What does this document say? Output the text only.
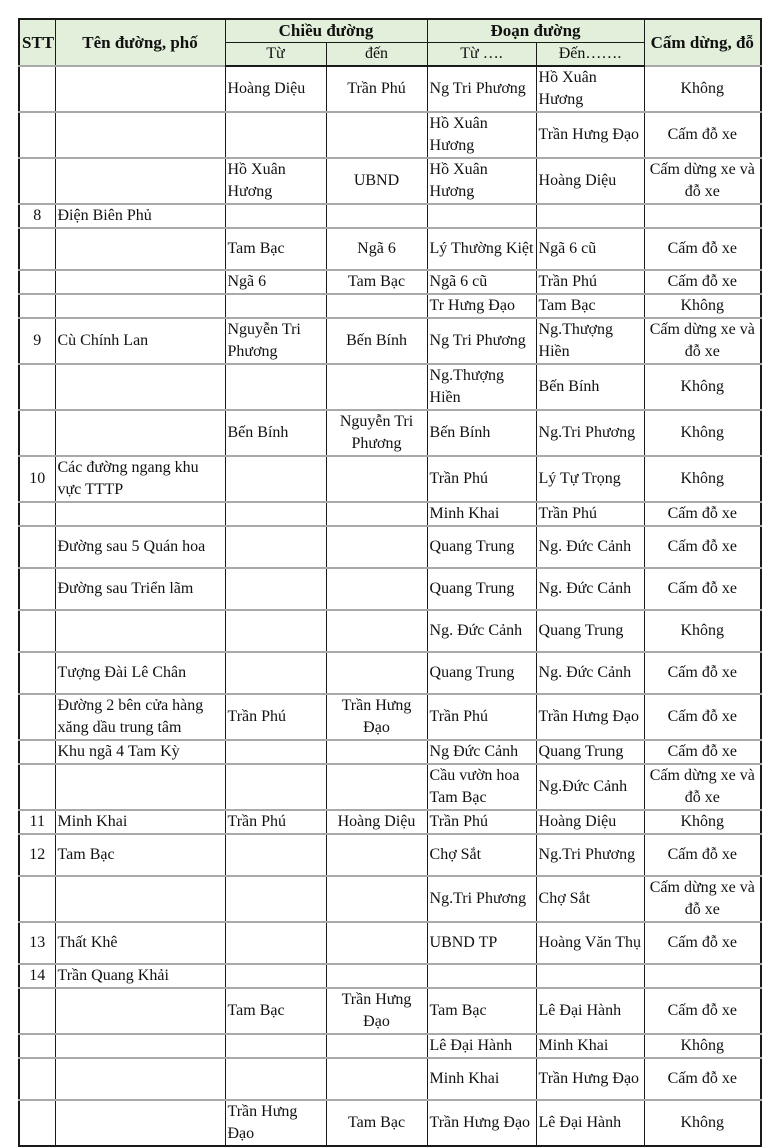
STT	Tên đường, phố	Chiều đường		Đoạn đường		Cấm dừng, đỗ
		Từ	đến	Từ ….	Đến…….	
		Hoàng Diệu	Trần Phú	Ng Tri Phương	Hồ Xuân Hương	Không
				Hồ Xuân Hương	Trần Hưng Đạo	Cấm đỗ xe
		Hồ Xuân Hương	UBND	Hồ Xuân Hương	Hoàng Diệu	Cấm dừng xe và đỗ xe
8	Điện Biên Phủ					
		Tam Bạc	Ngã 6	Lý Thường Kiệt	Ngã 6 cũ	Cấm đỗ xe
		Ngã 6	Tam Bạc	Ngã 6 cũ	Trần Phú	Cấm đỗ xe
				Tr Hưng Đạo	Tam Bạc	Không
9	Cù Chính Lan	Nguyễn Tri Phương	Bến Bính	Ng Tri Phương	Ng.Thượng Hiền	Cấm dừng xe và đỗ xe
				Ng.Thượng Hiền	Bến Bính	Không
		Bến Bính	Nguyễn Tri Phương	Bến Bính	Ng.Tri Phương	Không
10	Các đường ngang khu vực TTTP			Trần Phú	Lý Tự Trọng	Không
				Minh Khai	Trần Phú	Cấm đỗ xe
	Đường sau 5 Quán hoa			Quang Trung	Ng. Đức Cảnh	Cấm đỗ xe
	Đường sau Triển lãm			Quang Trung	Ng. Đức Cảnh	Cấm đỗ xe
				Ng. Đức Cảnh	Quang Trung	Không
	Tượng Đài Lê Chân			Quang Trung	Ng. Đức Cảnh	Cấm đỗ xe
	Đường 2 bên cửa hàng xăng dầu trung tâm	Trần Phú	Trần Hưng Đạo	Trần Phú	Trần Hưng Đạo	Cấm đỗ xe
	Khu ngã 4 Tam Kỳ			Ng Đức Cảnh	Quang Trung	Cấm đỗ xe
				Cầu vườn hoa Tam Bạc	Ng.Đức Cảnh	Cấm dừng xe và đỗ xe
11	Minh Khai	Trần Phú	Hoàng Diệu	Trần Phú	Hoàng Diệu	Không
12	Tam Bạc			Chợ Sắt	Ng.Tri Phương	Cấm đỗ xe
				Ng.Tri Phương	Chợ Sắt	Cấm dừng xe và đỗ xe
13	Thất Khê			UBND TP	Hoàng Văn Thụ	Cấm đỗ xe
14	Trần Quang Khải					
		Tam Bạc	Trần Hưng Đạo	Tam Bạc	Lê Đại Hành	Cấm đỗ xe
				Lê Đại Hành	Minh Khai	Không
				Minh Khai	Trần Hưng Đạo	Cấm đỗ xe
		Trần Hưng Đạo	Tam Bạc	Trần Hưng Đạo	Lê Đại Hành	Không
